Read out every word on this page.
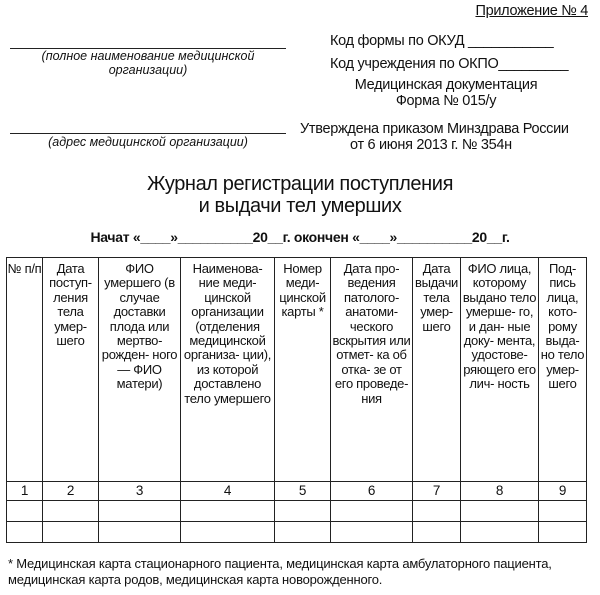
Приложение № 4
(полное наименование медицинской организации)
(адрес медицинской организации)
Код формы по ОКУД ___________
Код учреждения по ОКПО_________
Медицинская документация
Форма № 015/у
Утверждена приказом Минздрава России
от 6 июня 2013 г. № 354н
Журнал регистрации поступления
и выдачи тел умерших
Начат «____»__________20__г. окончен «____»__________20__г.
№ п/п	Дата поступ- ления тела умер- шего	ФИО умершего (в случае доставки плода или мертво- рожден- ного — ФИО матери)	Наименова- ние меди- цинской организации (отделения медицинской организа- ции), из которой доставлено тело умершего	Номер меди- цинской карты *	Дата про- ведения патолого- анатоми- ческого вскрытия или отмет- ка об отка- зе от его проведе- ния	Дата выдачи тела умер- шего	ФИО лица, которому выдано тело умерше- го, и дан- ные доку- мента, удостове- ряющего его лич- ность	Под- пись лица, кото- рому выда- но тело умер- шего
1	2	3	4	5	6	7	8	9

* Медицинская карта стационарного пациента, медицинская карта амбулаторного пациента, медицинская карта родов, медицинская карта новорожденного.
